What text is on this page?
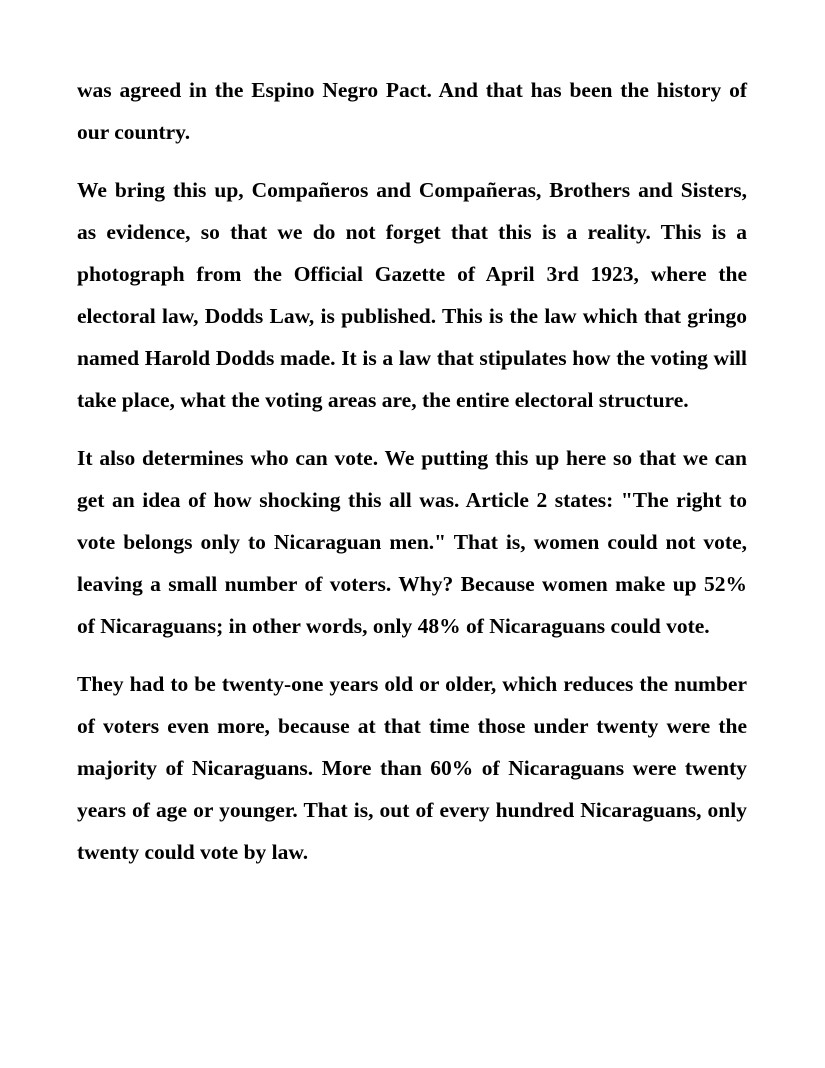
was agreed in the Espino Negro Pact. And that has been the history of our country.

We bring this up, Compañeros and Compañeras, Brothers and Sisters, as evidence, so that we do not forget that this is a reality. This is a photograph from the Official Gazette of April 3rd 1923, where the electoral law, Dodds Law, is published. This is the law which that gringo named Harold Dodds made. It is a law that stipulates how the voting will take place, what the voting areas are, the entire electoral structure.

It also determines who can vote. We putting this up here so that we can get an idea of how shocking this all was. Article 2 states: "The right to vote belongs only to Nicaraguan men." That is, women could not vote, leaving a small number of voters. Why? Because women make up 52% of Nicaraguans; in other words, only 48% of Nicaraguans could vote.

They had to be twenty-one years old or older, which reduces the number of voters even more, because at that time those under twenty were the majority of Nicaraguans. More than 60% of Nicaraguans were twenty years of age or younger. That is, out of every hundred Nicaraguans, only twenty could vote by law.
